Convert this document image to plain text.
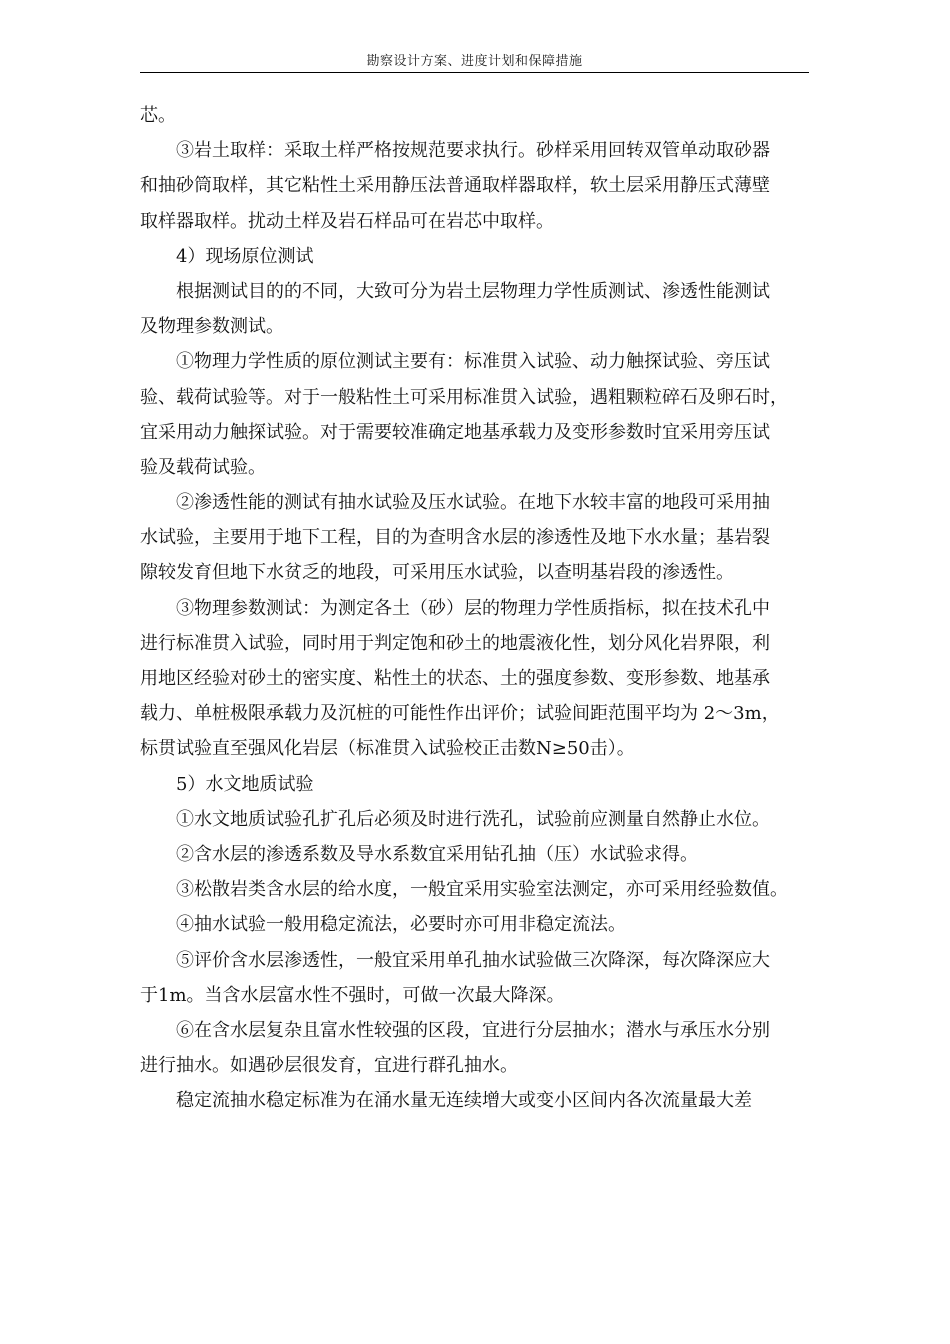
勘察设计方案、进度计划和保障措施
芯。
③岩土取样：采取土样严格按规范要求执行。砂样采用回转双管单动取砂器
和抽砂筒取样，其它粘性土采用静压法普通取样器取样，软土层采用静压式薄壁
取样器取样。扰动土样及岩石样品可在岩芯中取样。
4）现场原位测试
根据测试目的的不同，大致可分为岩土层物理力学性质测试、渗透性能测试
及物理参数测试。
①物理力学性质的原位测试主要有：标准贯入试验、动力触探试验、旁压试
验、载荷试验等。对于一般粘性土可采用标准贯入试验，遇粗颗粒碎石及卵石时，
宜采用动力触探试验。对于需要较准确定地基承载力及变形参数时宜采用旁压试
验及载荷试验。
②渗透性能的测试有抽水试验及压水试验。在地下水较丰富的地段可采用抽
水试验，主要用于地下工程，目的为查明含水层的渗透性及地下水水量；基岩裂
隙较发育但地下水贫乏的地段，可采用压水试验，以查明基岩段的渗透性。
③物理参数测试：为测定各土（砂）层的物理力学性质指标，拟在技术孔中
进行标准贯入试验，同时用于判定饱和砂土的地震液化性，划分风化岩界限，利
用地区经验对砂土的密实度、粘性土的状态、土的强度参数、变形参数、地基承
载力、单桩极限承载力及沉桩的可能性作出评价；试验间距范围平均为 2～3m，
标贯试验直至强风化岩层（标准贯入试验校正击数N≥50击）。
5）水文地质试验
①水文地质试验孔扩孔后必须及时进行洗孔，试验前应测量自然静止水位。
②含水层的渗透系数及导水系数宜采用钻孔抽（压）水试验求得。
③松散岩类含水层的给水度，一般宜采用实验室法测定，亦可采用经验数值。
④抽水试验一般用稳定流法，必要时亦可用非稳定流法。
⑤评价含水层渗透性，一般宜采用单孔抽水试验做三次降深，每次降深应大
于1m。当含水层富水性不强时，可做一次最大降深。
⑥在含水层复杂且富水性较强的区段，宜进行分层抽水；潜水与承压水分别
进行抽水。如遇砂层很发育，宜进行群孔抽水。
稳定流抽水稳定标准为在涌水量无连续增大或变小区间内各次流量最大差
